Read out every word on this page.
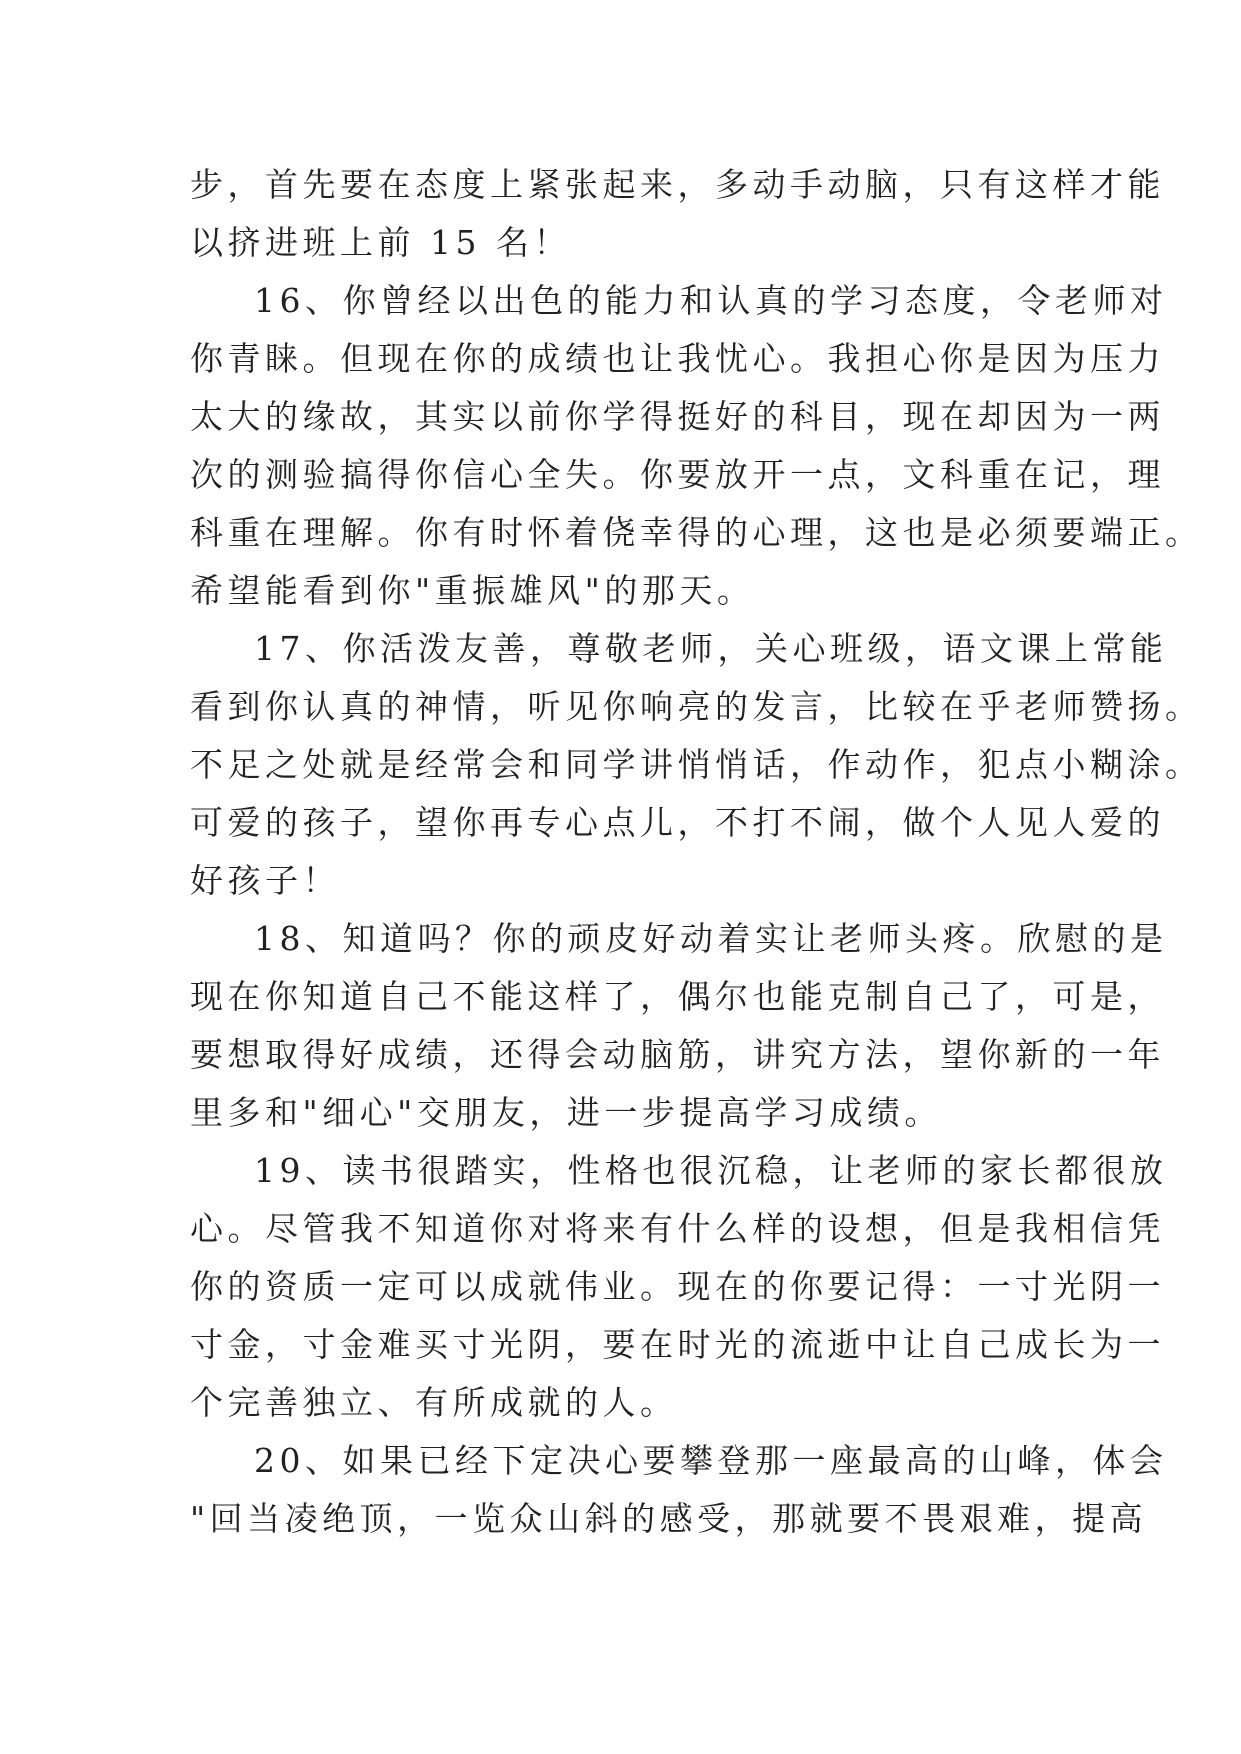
步，首先要在态度上紧张起来，多动手动脑，只有这样才能
以挤进班上前 15 名！
16、你曾经以出色的能力和认真的学习态度，令老师对
你青睐。但现在你的成绩也让我忧心。我担心你是因为压力
太大的缘故，其实以前你学得挺好的科目，现在却因为一两
次的测验搞得你信心全失。你要放开一点，文科重在记，理
科重在理解。你有时怀着侥幸得的心理，这也是必须要端正。
希望能看到你"重振雄风"的那天。
17、你活泼友善，尊敬老师，关心班级，语文课上常能
看到你认真的神情，听见你响亮的发言，比较在乎老师赞扬。
不足之处就是经常会和同学讲悄悄话，作动作，犯点小糊涂。
可爱的孩子，望你再专心点儿，不打不闹，做个人见人爱的
好孩子！
18、知道吗？你的顽皮好动着实让老师头疼。欣慰的是
现在你知道自己不能这样了，偶尔也能克制自己了，可是，
要想取得好成绩，还得会动脑筋，讲究方法，望你新的一年
里多和"细心"交朋友，进一步提高学习成绩。
19、读书很踏实，性格也很沉稳，让老师的家长都很放
心。尽管我不知道你对将来有什么样的设想，但是我相信凭
你的资质一定可以成就伟业。现在的你要记得：一寸光阴一
寸金，寸金难买寸光阴，要在时光的流逝中让自己成长为一
个完善独立、有所成就的人。
20、如果已经下定决心要攀登那一座最高的山峰，体会
"回当凌绝顶，一览众山斜的感受，那就要不畏艰难，提高
